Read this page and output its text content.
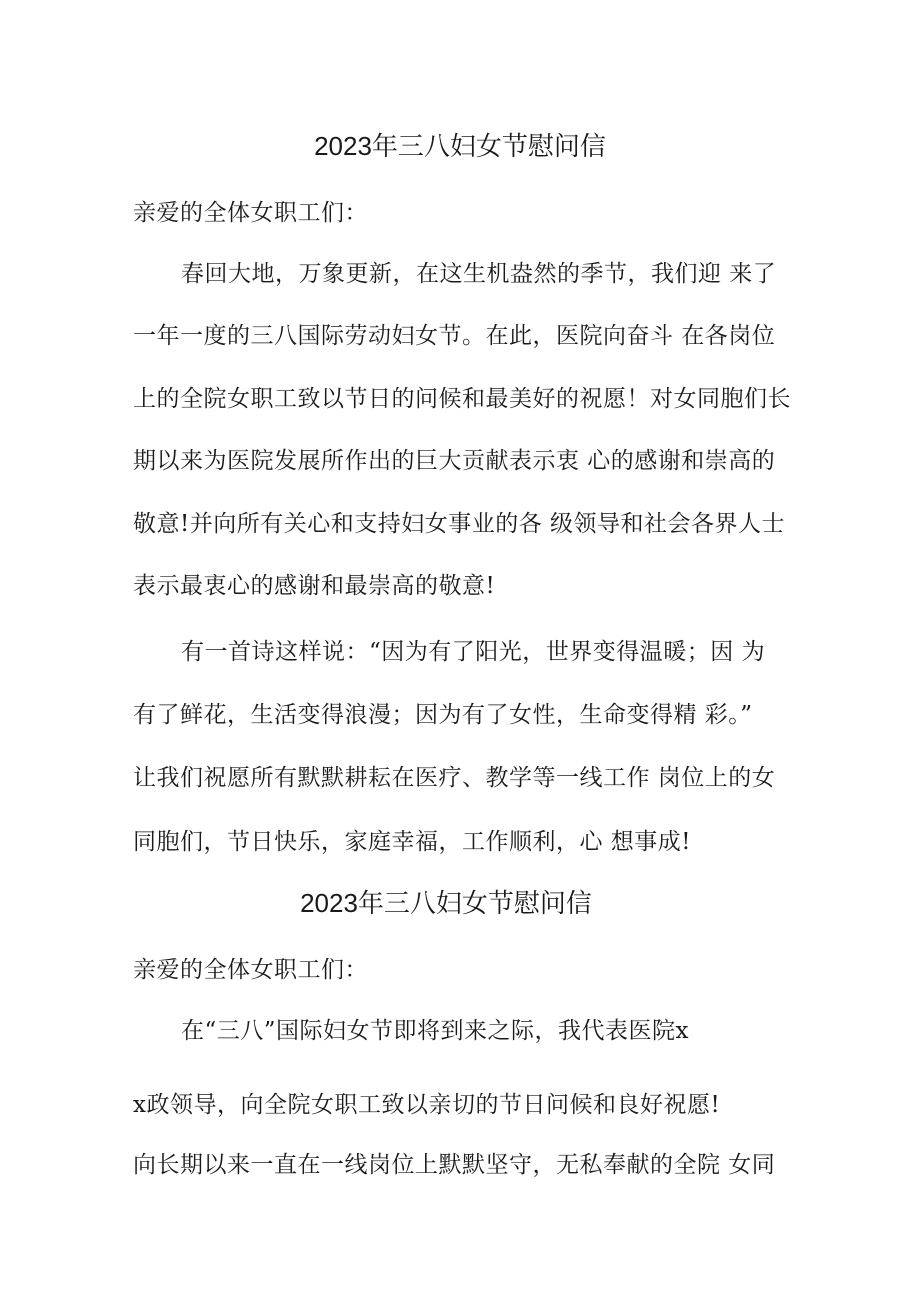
2023年三八妇女节慰问信

亲爱的全体女职工们：

春回大地，万象更新，在这生机盎然的季节，我们迎 来了

一年一度的三八国际劳动妇女节。在此，医院向奋斗 在各岗位

上的全院女职工致以节日的问候和最美好的祝愿！对女同胞们长

期以来为医院发展所作出的巨大贡献表示衷 心的感谢和崇高的

敬意!并向所有关心和支持妇女事业的各 级领导和社会各界人士

表示最衷心的感谢和最崇高的敬意!

有一首诗这样说：“因为有了阳光，世界变得温暖；因 为

有了鲜花，生活变得浪漫；因为有了女性，生命变得精 彩。”

让我们祝愿所有默默耕耘在医疗、教学等一线工作 岗位上的女

同胞们，节日快乐，家庭幸福，工作顺利，心 想事成!

2023年三八妇女节慰问信

亲爱的全体女职工们：

在“三八”国际妇女节即将到来之际，我代表医院x

x政领导，向全院女职工致以亲切的节日问候和良好祝愿!

向长期以来一直在一线岗位上默默坚守，无私奉献的全院 女同
